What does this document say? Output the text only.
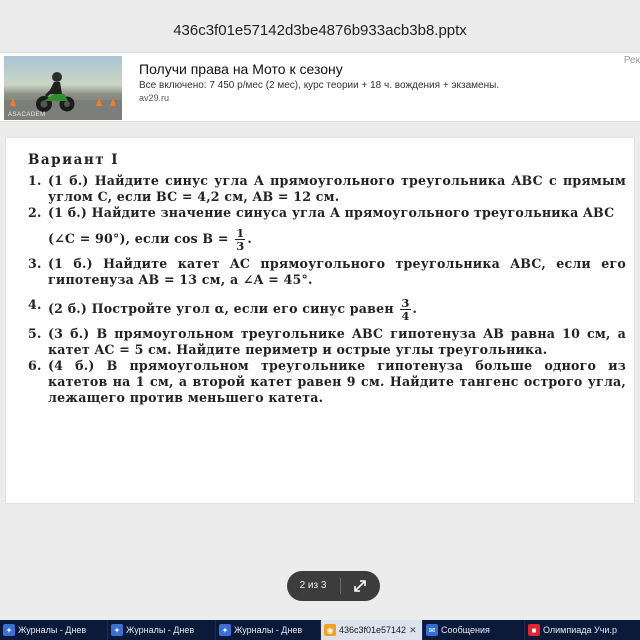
436c3f01e57142d3be4876b933acb3b8.pptx
ASACADEM
Получи права на Мото к сезону
Все включено: 7 450 р/мес (2 мес), курс теории + 18 ч. вождения + экзамены.
av29.ru
Рек
Вариант I
1. (1 б.) Найдите синус угла A прямоугольного треугольника ABC с прямым углом C, если BC = 4,2 см, AB = 12 см.

2. (1 б.) Найдите значение синуса угла A прямоугольного треугольника ABC

(∠C = 90°), если $\cos B = \frac{1}{3}$ .

3. (1 б.) Найдите катет AC прямоугольного треугольника ABC, если его гипотенуза AB = 13 см, а ∠A = 45°.

4. (2 б.) Постройте угол α, если его синус равен $\frac{3}{4}$ .

5. (3 б.) В прямоугольном треугольнике ABC гипотенуза AB равна 10 см, а катет AC = 5 см. Найдите периметр и острые углы треугольника.

6. (4 б.) В прямоугольном треугольнике гипотенуза больше одного из катетов на 1 см, а второй катет равен 9 см. Найдите тангенс острого угла, лежащего против меньшего катета.

2 из 3
✦ Журналы - Днев	✦ Журналы - Днев	✦ Журналы - Днев	◉ 436c3f01e57142 ✕	✉ Сообщения	■ Олимпиада Учи.р
